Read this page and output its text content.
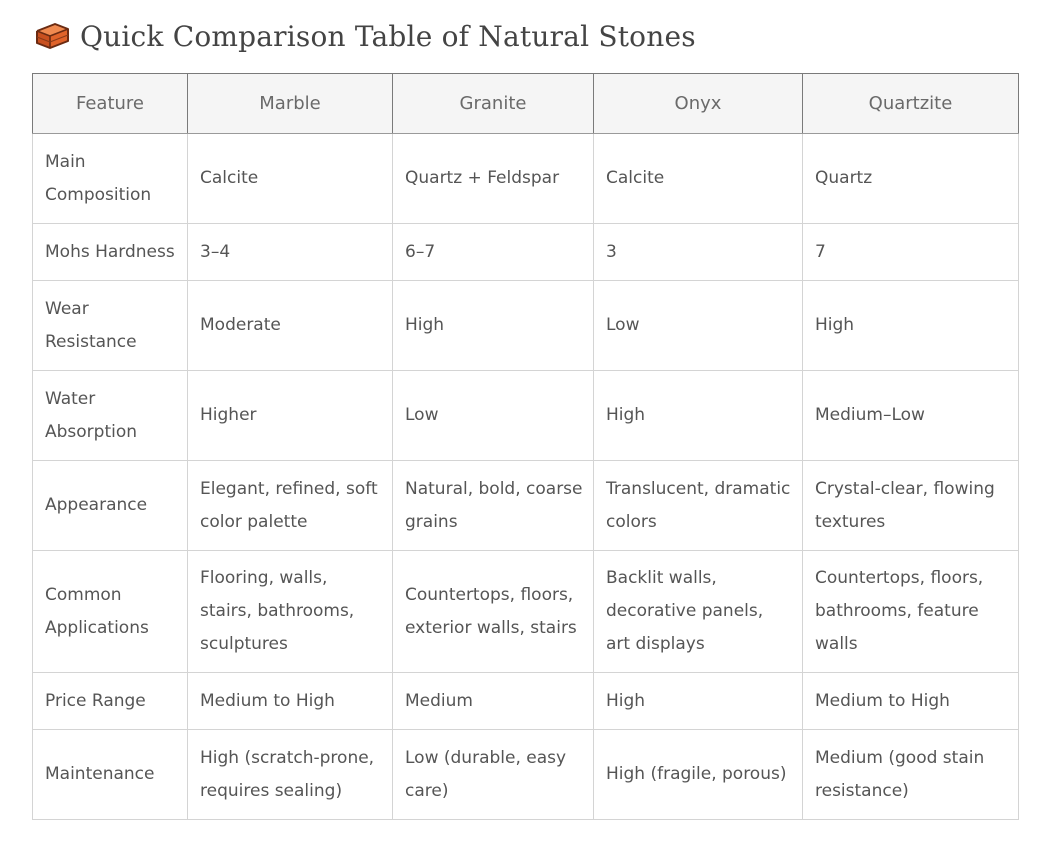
Quick Comparison Table of Natural Stones
Feature	Marble	Granite	Onyx	Quartzite
Main Composition	Calcite	Quartz + Feldspar	Calcite	Quartz
Mohs Hardness	3–4	6–7	3	7
Wear Resistance	Moderate	High	Low	High
Water Absorption	Higher	Low	High	Medium–Low
Appearance	Elegant, refined, soft color palette	Natural, bold, coarse grains	Translucent, dramatic colors	Crystal-clear, flowing textures
Common Applications	Flooring, walls, stairs, bathrooms, sculptures	Countertops, floors, exterior walls, stairs	Backlit walls, decorative panels, art displays	Countertops, floors, bathrooms, feature walls
Price Range	Medium to High	Medium	High	Medium to High
Maintenance	High (scratch-prone, requires sealing)	Low (durable, easy care)	High (fragile, porous)	Medium (good stain resistance)
